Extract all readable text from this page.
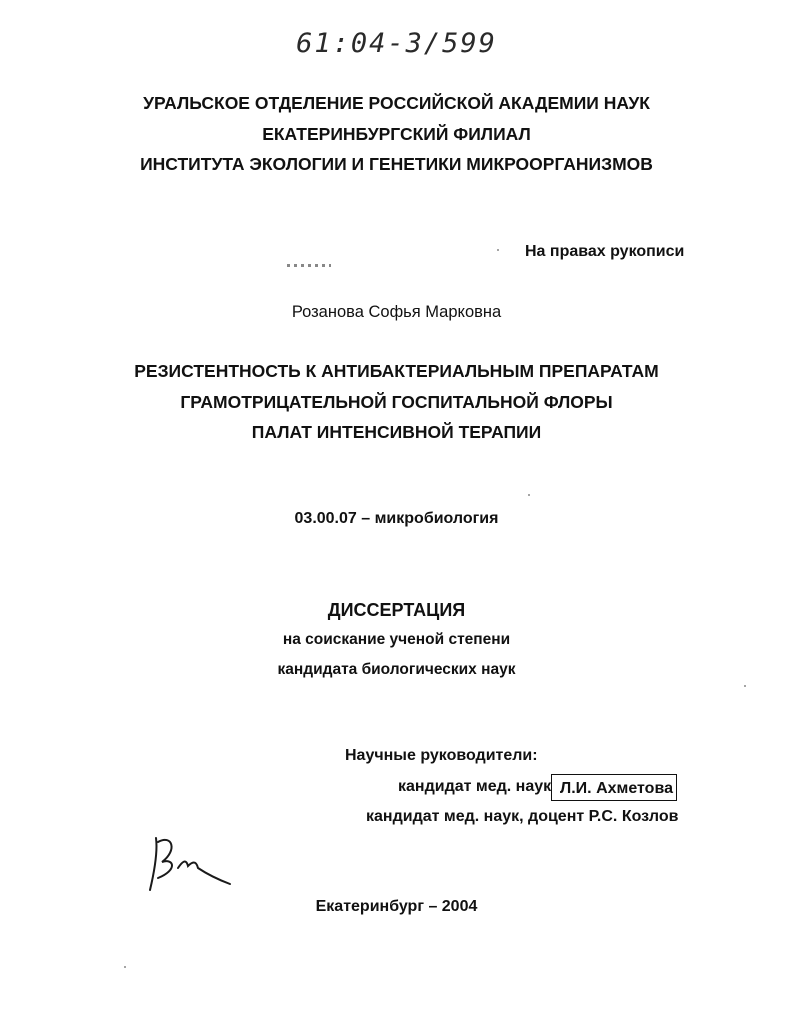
61:04-3/599
УРАЛЬСКОЕ ОТДЕЛЕНИЕ РОССИЙСКОЙ АКАДЕМИИ НАУК
ЕКАТЕРИНБУРГСКИЙ ФИЛИАЛ
ИНСТИТУТА ЭКОЛОГИИ И ГЕНЕТИКИ МИКРООРГАНИЗМОВ
На правах рукописи
Розанова Софья Марковна
РЕЗИСТЕНТНОСТЬ К АНТИБАКТЕРИАЛЬНЫМ ПРЕПАРАТАМ
ГРАМОТРИЦАТЕЛЬНОЙ ГОСПИТАЛЬНОЙ ФЛОРЫ
ПАЛАТ ИНТЕНСИВНОЙ ТЕРАПИИ
03.00.07 – микробиология
ДИССЕРТАЦИЯ
на соискание ученой степени
кандидата биологических наук
Научные руководители:
кандидат мед. наук Л.И. Ахметова
кандидат мед. наук, доцент Р.С. Козлов
Екатеринбург – 2004
